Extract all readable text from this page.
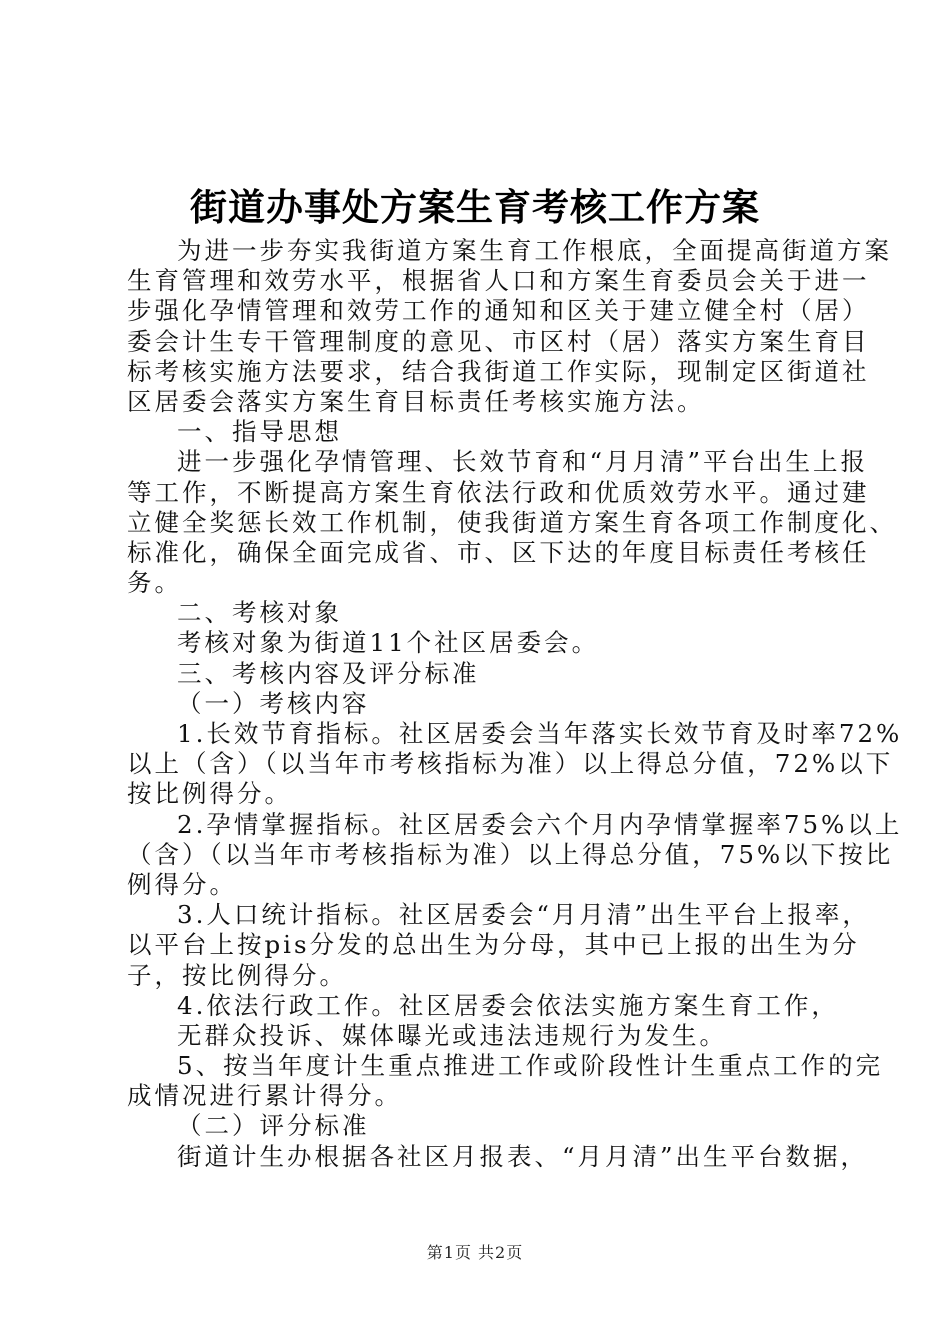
街道办事处方案生育考核工作方案
为进一步夯实我街道方案生育工作根底，全面提高街道方案
生育管理和效劳水平，根据省人口和方案生育委员会关于进一
步强化孕情管理和效劳工作的通知和区关于建立健全村（居）
委会计生专干管理制度的意见、市区村（居）落实方案生育目
标考核实施方法要求，结合我街道工作实际，现制定区街道社
区居委会落实方案生育目标责任考核实施方法。
一、指导思想
进一步强化孕情管理、长效节育和“月月清”平台出生上报
等工作，不断提高方案生育依法行政和优质效劳水平。通过建
立健全奖惩长效工作机制，使我街道方案生育各项工作制度化、
标准化，确保全面完成省、市、区下达的年度目标责任考核任
务。
二、考核对象
考核对象为街道11个社区居委会。
三、考核内容及评分标准
（一）考核内容
1.长效节育指标。社区居委会当年落实长效节育及时率72%
以上（含）（以当年市考核指标为准）以上得总分值，72%以下
按比例得分。
2.孕情掌握指标。社区居委会六个月内孕情掌握率75%以上
（含）（以当年市考核指标为准）以上得总分值，75%以下按比
例得分。
3.人口统计指标。社区居委会“月月清”出生平台上报率，
以平台上按pis分发的总出生为分母，其中已上报的出生为分
子，按比例得分。
4.依法行政工作。社区居委会依法实施方案生育工作，
无群众投诉、媒体曝光或违法违规行为发生。
5、按当年度计生重点推进工作或阶段性计生重点工作的完
成情况进行累计得分。
（二）评分标准
街道计生办根据各社区月报表、“月月清”出生平台数据，
第1页 共2页
